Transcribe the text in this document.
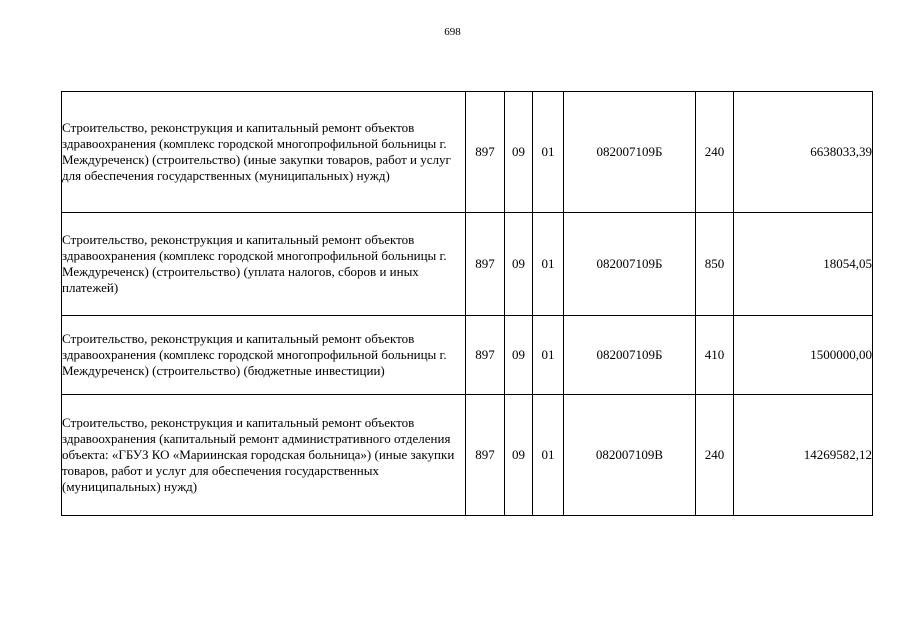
698
Строительство, реконструкция и капитальный ремонт объектов здравоохранения (комплекс городской многопрофильной больницы г. Междуреченск) (строительство) (иные закупки товаров, работ и услуг для обеспечения государственных (муниципальных) нужд)	897	09	01	082007109Б	240	6638033,39
Строительство, реконструкция и капитальный ремонт объектов здравоохранения (комплекс городской многопрофильной больницы г. Междуреченск) (строительство) (уплата налогов, сборов и иных платежей)	897	09	01	082007109Б	850	18054,05
Строительство, реконструкция и капитальный ремонт объектов здравоохранения (комплекс городской многопрофильной больницы г. Междуреченск) (строительство) (бюджетные инвестиции)	897	09	01	082007109Б	410	1500000,00
Строительство, реконструкция и капитальный ремонт объектов здравоохранения (капитальный ремонт административного отделения объекта: «ГБУЗ КО «Мариинская городская больница») (иные закупки товаров, работ и услуг для обеспечения государственных (муниципальных) нужд)	897	09	01	082007109В	240	14269582,12
